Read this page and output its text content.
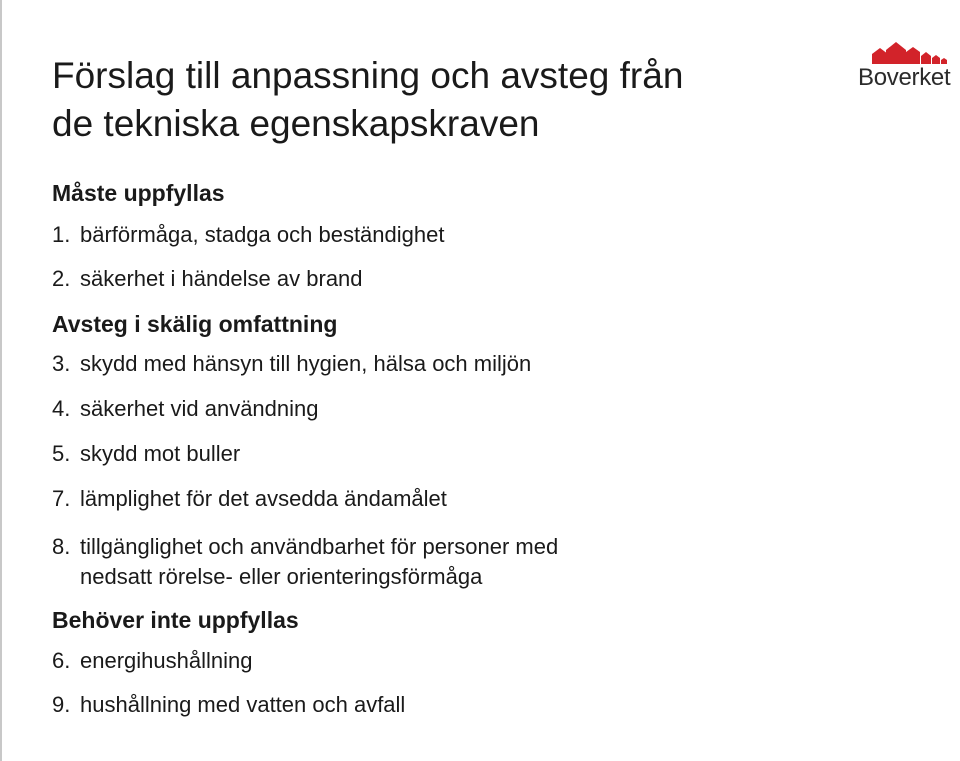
Förslag till anpassning och avsteg från
de tekniska egenskapskraven
Boverket
Måste uppfyllas
1. bärförmåga, stadga och beständighet
2. säkerhet i händelse av brand
Avsteg i skälig omfattning
3. skydd med hänsyn till hygien, hälsa och miljön
4. säkerhet vid användning
5. skydd mot buller
7. lämplighet för det avsedda ändamålet
8. tillgänglighet och användbarhet för personer med
nedsatt rörelse- eller orienteringsförmåga
Behöver inte uppfyllas
6. energihushållning
9. hushållning med vatten och avfall
